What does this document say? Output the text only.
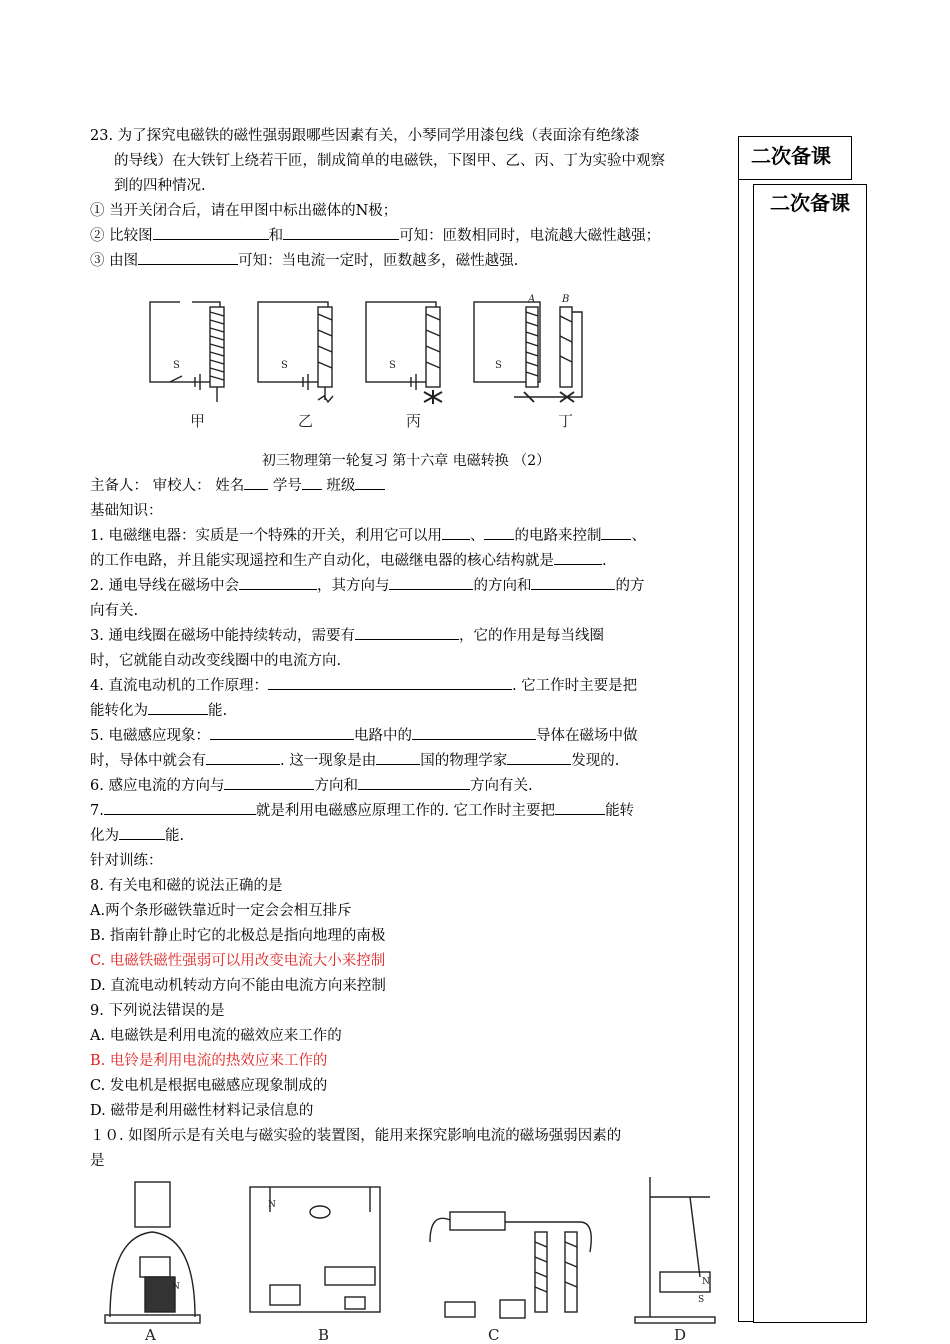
二次备课
二次备课
23. 为了探究电磁铁的磁性强弱跟哪些因素有关，小琴同学用漆包线（表面涂有绝缘漆
的导线）在大铁钉上绕若干匝，制成简单的电磁铁，下图甲、乙、丙、丁为实验中观察
到的四种情况.
① 当开关闭合后，请在甲图中标出磁体的N极；
② 比较图	和	可知：匝数相同时，电流越大磁性越强；
③ 由图	可知：当电流一定时，匝数越多，磁性越强.
初三物理第一轮复习 第十六章 电磁转换 （2）
主备人： 审校人： 姓名 学号 班级
基础知识：
1. 电磁继电器：实质是一个特殊的开关，利用它可以用 、 的电路来控制 、
的工作电路，并且能实现遥控和生产自动化，电磁继电器的核心结构就是	.
2. 通电导线在磁场中会	，其方向与	的方向和	的方
向有关.
3. 通电线圈在磁场中能持续转动，需要有	，它的作用是每当线圈
时，它就能自动改变线圈中的电流方向.
4. 直流电动机的工作原理：	. 它工作时主要是把
能转化为	能.
5. 电磁感应现象：	电路中的	导体在磁场中做
时，导体中就会有	. 这一现象是由	国的物理学家	发现的.
6. 感应电流的方向与	方向和	方向有关.
7.	就是利用电磁感应原理工作的. 它工作时主要把	能转
化为	能.
针对训练：
8. 有关电和磁的说法正确的是
A.两个条形磁铁靠近时一定会会相互排斥
B. 指南针静止时它的北极总是指向地理的南极
C. 电磁铁磁性强弱可以用改变电流大小来控制
D. 直流电动机转动方向不能由电流方向来控制
9. 下列说法错误的是
A. 电磁铁是利用电流的磁效应来工作的
B. 电铃是利用电流的热效应来工作的
C. 发电机是根据电磁感应现象制成的
D. 磁带是利用磁性材料记录信息的
１０. 如图所示是有关电与磁实验的装置图，能用来探究影响电流的磁场强弱因素的
是
S	S	S	S
A	B
甲	乙	丙	丁
N
N
N
S
A	B	C	D
